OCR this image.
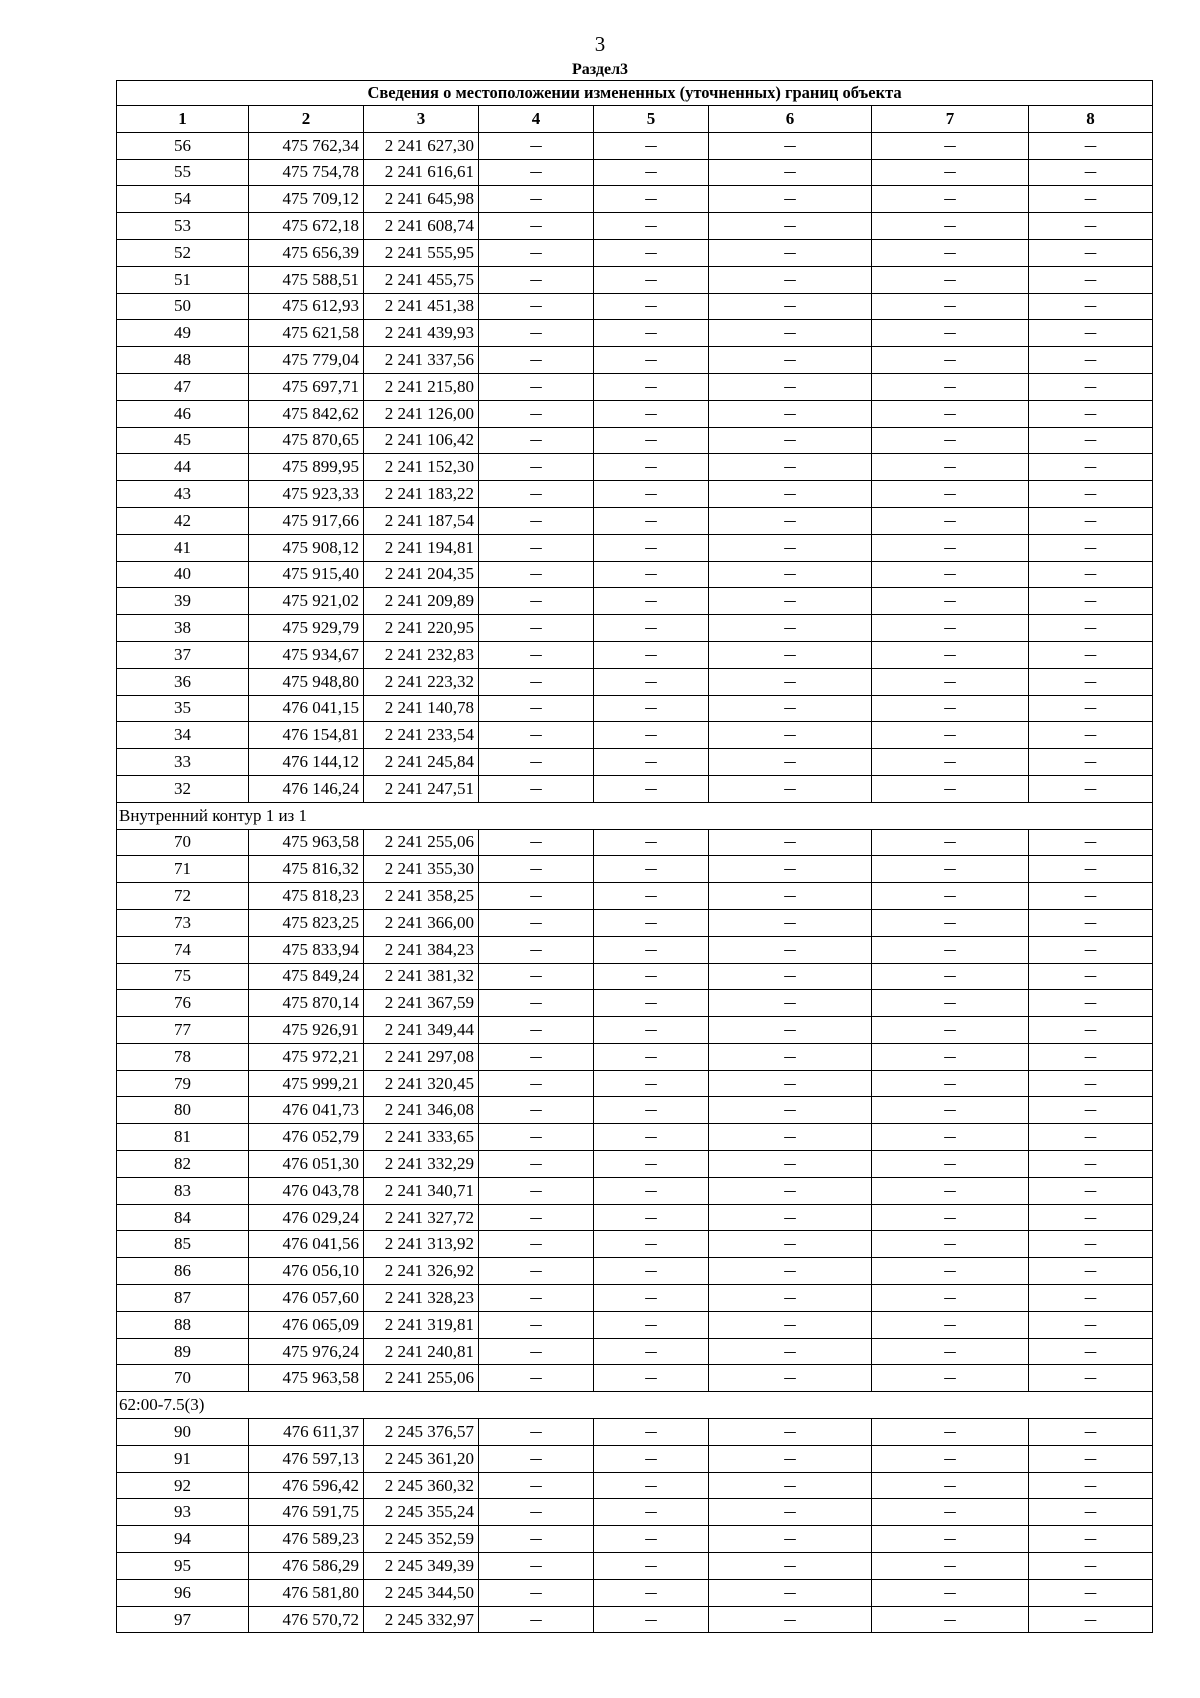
3
Раздел3
Сведения о местоположении измененных (уточненных) границ объекта							
1	2	3	4	5	6	7	8
56	475 762,34	2 241 627,30	—	—	—	—	—
55	475 754,78	2 241 616,61	—	—	—	—	—
54	475 709,12	2 241 645,98	—	—	—	—	—
53	475 672,18	2 241 608,74	—	—	—	—	—
52	475 656,39	2 241 555,95	—	—	—	—	—
51	475 588,51	2 241 455,75	—	—	—	—	—
50	475 612,93	2 241 451,38	—	—	—	—	—
49	475 621,58	2 241 439,93	—	—	—	—	—
48	475 779,04	2 241 337,56	—	—	—	—	—
47	475 697,71	2 241 215,80	—	—	—	—	—
46	475 842,62	2 241 126,00	—	—	—	—	—
45	475 870,65	2 241 106,42	—	—	—	—	—
44	475 899,95	2 241 152,30	—	—	—	—	—
43	475 923,33	2 241 183,22	—	—	—	—	—
42	475 917,66	2 241 187,54	—	—	—	—	—
41	475 908,12	2 241 194,81	—	—	—	—	—
40	475 915,40	2 241 204,35	—	—	—	—	—
39	475 921,02	2 241 209,89	—	—	—	—	—
38	475 929,79	2 241 220,95	—	—	—	—	—
37	475 934,67	2 241 232,83	—	—	—	—	—
36	475 948,80	2 241 223,32	—	—	—	—	—
35	476 041,15	2 241 140,78	—	—	—	—	—
34	476 154,81	2 241 233,54	—	—	—	—	—
33	476 144,12	2 241 245,84	—	—	—	—	—
32	476 146,24	2 241 247,51	—	—	—	—	—
Внутренний контур 1 из 1							
70	475 963,58	2 241 255,06	—	—	—	—	—
71	475 816,32	2 241 355,30	—	—	—	—	—
72	475 818,23	2 241 358,25	—	—	—	—	—
73	475 823,25	2 241 366,00	—	—	—	—	—
74	475 833,94	2 241 384,23	—	—	—	—	—
75	475 849,24	2 241 381,32	—	—	—	—	—
76	475 870,14	2 241 367,59	—	—	—	—	—
77	475 926,91	2 241 349,44	—	—	—	—	—
78	475 972,21	2 241 297,08	—	—	—	—	—
79	475 999,21	2 241 320,45	—	—	—	—	—
80	476 041,73	2 241 346,08	—	—	—	—	—
81	476 052,79	2 241 333,65	—	—	—	—	—
82	476 051,30	2 241 332,29	—	—	—	—	—
83	476 043,78	2 241 340,71	—	—	—	—	—
84	476 029,24	2 241 327,72	—	—	—	—	—
85	476 041,56	2 241 313,92	—	—	—	—	—
86	476 056,10	2 241 326,92	—	—	—	—	—
87	476 057,60	2 241 328,23	—	—	—	—	—
88	476 065,09	2 241 319,81	—	—	—	—	—
89	475 976,24	2 241 240,81	—	—	—	—	—
70	475 963,58	2 241 255,06	—	—	—	—	—
62:00-7.5(3)							
90	476 611,37	2 245 376,57	—	—	—	—	—
91	476 597,13	2 245 361,20	—	—	—	—	—
92	476 596,42	2 245 360,32	—	—	—	—	—
93	476 591,75	2 245 355,24	—	—	—	—	—
94	476 589,23	2 245 352,59	—	—	—	—	—
95	476 586,29	2 245 349,39	—	—	—	—	—
96	476 581,80	2 245 344,50	—	—	—	—	—
97	476 570,72	2 245 332,97	—	—	—	—	—
